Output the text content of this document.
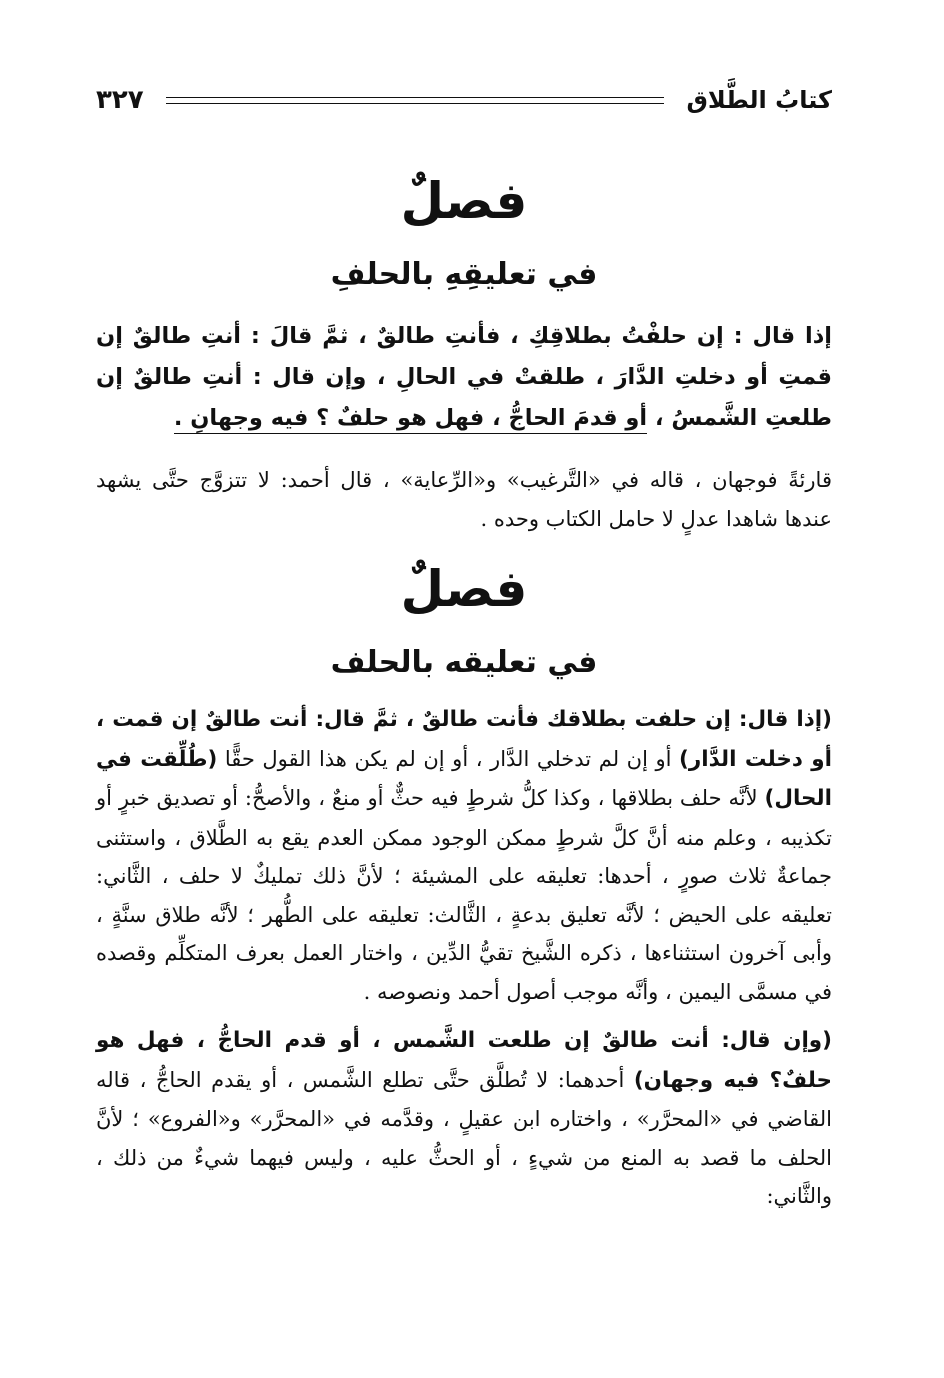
كتابُ الطَّلاق
٣٢٧
فصلٌ
في تعليقِهِ بالحلفِ

إذا قال : إن حلفْتُ بطلاقِكِ ، فأنتِ طالقٌ ، ثمَّ قالَ : أنتِ طالقٌ إن قمتِ أو دخلتِ الدَّارَ ، طلقتْ في الحالِ ، وإن قال : أنتِ طالقٌ إن طلعتِ الشَّمسُ ، أو قدمَ الحاجُّ ، فهل هو حلفٌ ؟ فيه وجهانِ .

قارئةً فوجهان ، قاله في «التَّرغيب» و«الرِّعاية» ، قال أحمد: لا تتزوَّج حتَّى يشهد عندها شاهدا عدلٍ لا حامل الكتاب وحده .

فصلٌ
في تعليقه بالحلف

(إذا قال: إن حلفت بطلاقك فأنت طالقٌ ، ثمَّ قال: أنت طالقٌ إن قمت ، أو دخلت الدَّار) أو إن لم تدخلي الدَّار ، أو إن لم يكن هذا القول حقًّا (طُلِّقت في الحال) لأنَّه حلف بطلاقها ، وكذا كلُّ شرطٍ فيه حثٌّ أو منعٌ ، والأصحُّ: أو تصديق خبرٍ أو تكذيبه ، وعلم منه أنَّ كلَّ شرطٍ ممكن الوجود ممكن العدم يقع به الطَّلاق ، واستثنى جماعةٌ ثلاث صورٍ ، أحدها: تعليقه على المشيئة ؛ لأنَّ ذلك تمليكٌ لا حلف ، الثَّاني: تعليقه على الحيض ؛ لأنَّه تعليق بدعةٍ ، الثَّالث: تعليقه على الطُّهر ؛ لأنَّه طلاق سنَّةٍ ، وأبى آخرون استثناءها ، ذكره الشَّيخ تقيُّ الدِّين ، واختار العمل بعرف المتكلِّم وقصده في مسمَّى اليمين ، وأنَّه موجب أصول أحمد ونصوصه .

(وإن قال: أنت طالقٌ إن طلعت الشَّمس ، أو قدم الحاجُّ ، فهل هو حلفٌ؟ فيه وجهان) أحدهما: لا تُطلَّق حتَّى تطلع الشَّمس ، أو يقدم الحاجُّ ، قاله القاضي في «المحرَّر» ، واختاره ابن عقيلٍ ، وقدَّمه في «المحرَّر» و«الفروع» ؛ لأنَّ الحلف ما قصد به المنع من شيءٍ ، أو الحثُّ عليه ، وليس فيهما شيءٌ من ذلك ، والثَّاني:
